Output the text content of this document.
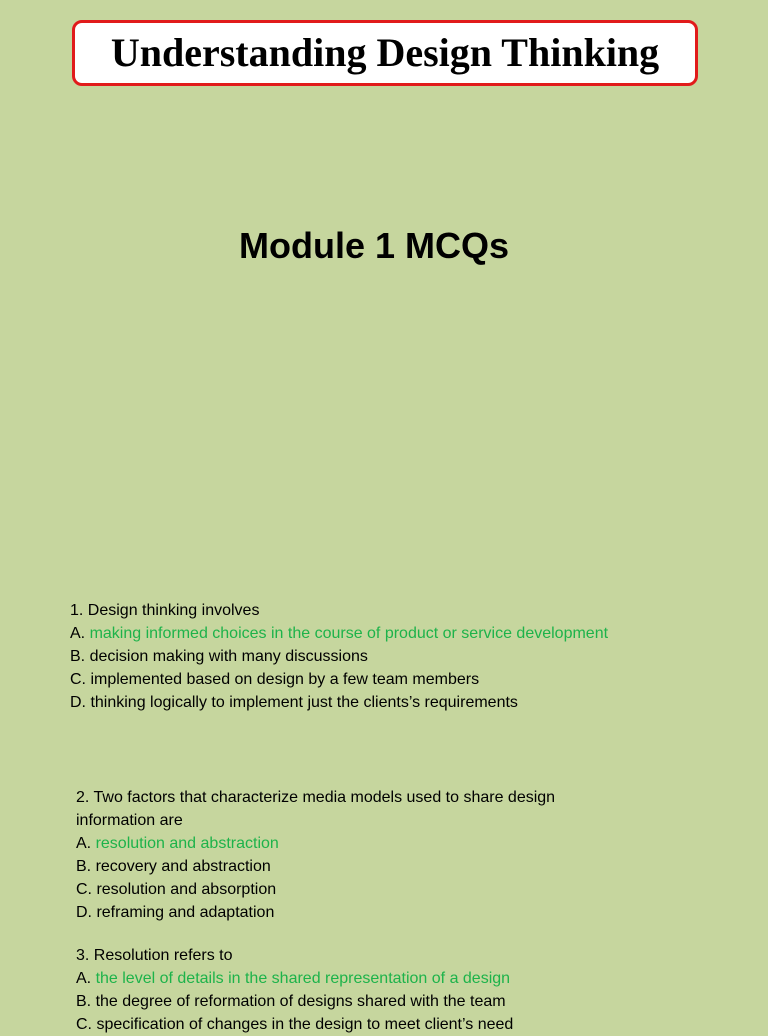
Understanding Design Thinking
Module 1 MCQs
1. Design thinking involves
A. making informed choices in the course of product or service development
B. decision making with many discussions
C. implemented based on design by a few team members
D. thinking logically to implement just the clients’s requirements
2. Two factors that characterize media models used to share design information are
A. resolution and abstraction
B. recovery and abstraction
C. resolution and absorption
D. reframing and adaptation
3. Resolution refers to
A. the level of details in the shared representation of a design
B. the degree of reformation of designs shared with the team
C. specification of changes in the design to meet client’s need
